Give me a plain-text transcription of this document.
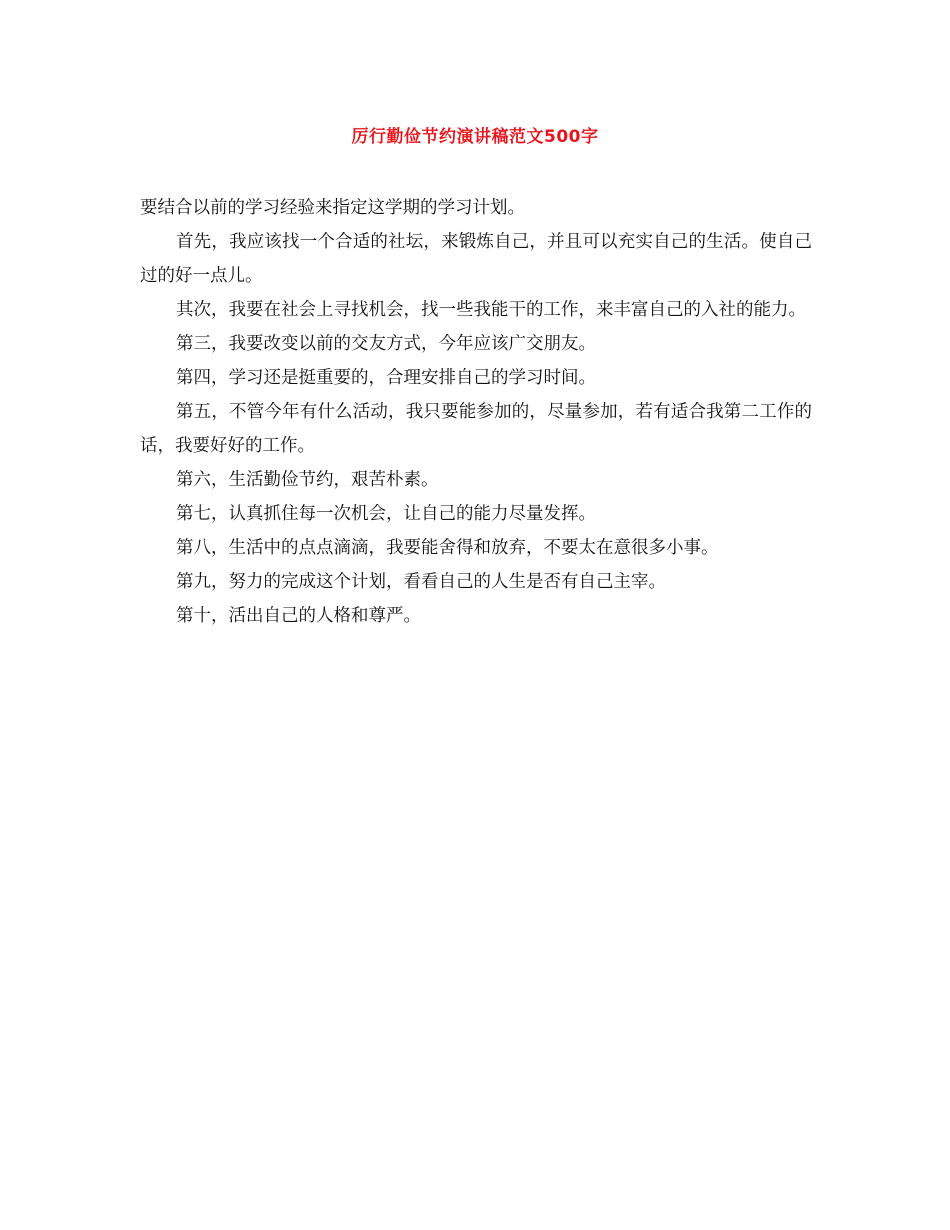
厉行勤俭节约演讲稿范文500字

要结合以前的学习经验来指定这学期的学习计划。

首先，我应该找一个合适的社坛，来锻炼自己，并且可以充实自己的生活。使自己过的好一点儿。

其次，我要在社会上寻找机会，找一些我能干的工作，来丰富自己的入社的能力。

第三，我要改变以前的交友方式，今年应该广交朋友。

第四，学习还是挺重要的，合理安排自己的学习时间。

第五，不管今年有什么活动，我只要能参加的，尽量参加，若有适合我第二工作的话，我要好好的工作。

第六，生活勤俭节约，艰苦朴素。

第七，认真抓住每一次机会，让自己的能力尽量发挥。

第八，生活中的点点滴滴，我要能舍得和放弃，不要太在意很多小事。

第九，努力的完成这个计划，看看自己的人生是否有自己主宰。

第十，活出自己的人格和尊严。
